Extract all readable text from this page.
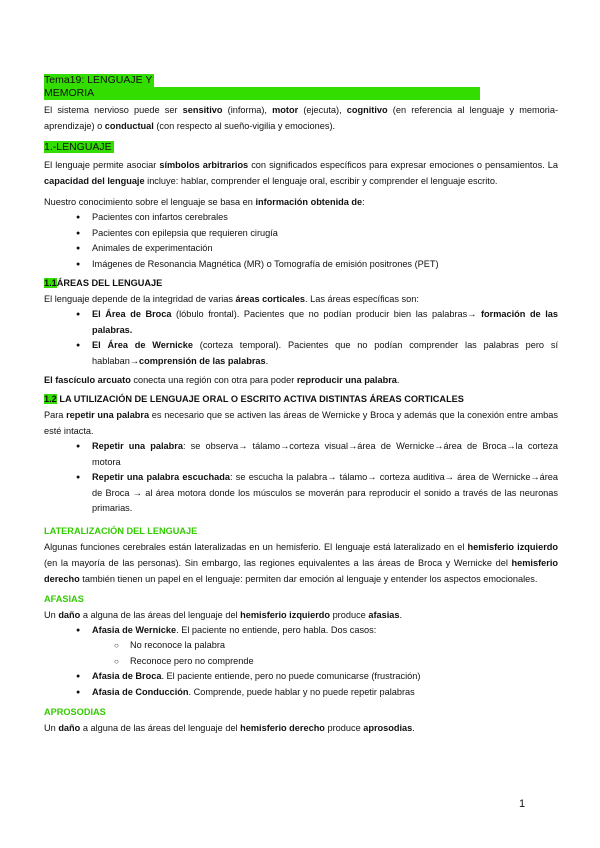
Tema19: LENGUAJE Y
MEMORIA

El sistema nervioso puede ser sensitivo (informa), motor (ejecuta), cognitivo (en referencia al lenguaje y memoria-aprendizaje) o conductual (con respecto al sueño-vigilia y emociones).

1.-LENGUAJE

El lenguaje permite asociar símbolos arbitrarios con significados específicos para expresar emociones o pensamientos. La capacidad del lenguaje incluye: hablar, comprender el lenguaje oral, escribir y comprender el lenguaje escrito.

Nuestro conocimiento sobre el lenguaje se basa en información obtenida de:

● Pacientes con infartos cerebrales
● Pacientes con epilepsia que requieren cirugía
● Animales de experimentación
● Imágenes de Resonancia Magnética (MR) o Tomografía de emisión positrones (PET)
1.1ÁREAS DEL LENGUAJE

El lenguaje depende de la integridad de varias áreas corticales. Las áreas específicas son:

● El Área de Broca (lóbulo frontal). Pacientes que no podían producir bien las palabras→ formación de las palabras.
● El Área de Wernicke (corteza temporal). Pacientes que no podían comprender las palabras pero sí hablaban→comprensión de las palabras.

El fascículo arcuato conecta una región con otra para poder reproducir una palabra.

1.2 LA UTILIZACIÓN DE LENGUAJE ORAL O ESCRITO ACTIVA DISTINTAS ÁREAS CORTICALES

Para repetir una palabra es necesario que se activen las áreas de Wernicke y Broca y además que la conexión entre ambas esté intacta.

● Repetir una palabra: se observa→ tálamo→corteza visual→área de Wernicke→área de Broca→la corteza motora
● Repetir una palabra escuchada: se escucha la palabra→ tálamo→ corteza auditiva→ área de Wernicke→área de Broca → al área motora donde los músculos se moverán para reproducir el sonido a través de las neuronas primarias.
LATERALIZACIÓN DEL LENGUAJE

Algunas funciones cerebrales están lateralizadas en un hemisferio. El lenguaje está lateralizado en el hemisferio izquierdo (en la mayoría de las personas). Sin embargo, las regiones equivalentes a las áreas de Broca y Wernicke del hemisferio derecho también tienen un papel en el lenguaje: permiten dar emoción al lenguaje y entender los aspectos emocionales.

AFASIAS

Un daño a alguna de las áreas del lenguaje del hemisferio izquierdo produce afasias.

● Afasia de Wernicke. El paciente no entiende, pero habla. Dos casos:
○ No reconoce la palabra
○ Reconoce pero no comprende
● Afasia de Broca. El paciente entiende, pero no puede comunicarse (frustración)
● Afasia de Conducción. Comprende, puede hablar y no puede repetir palabras
APROSODIAS

Un daño a alguna de las áreas del lenguaje del hemisferio derecho produce aprosodias.

1
